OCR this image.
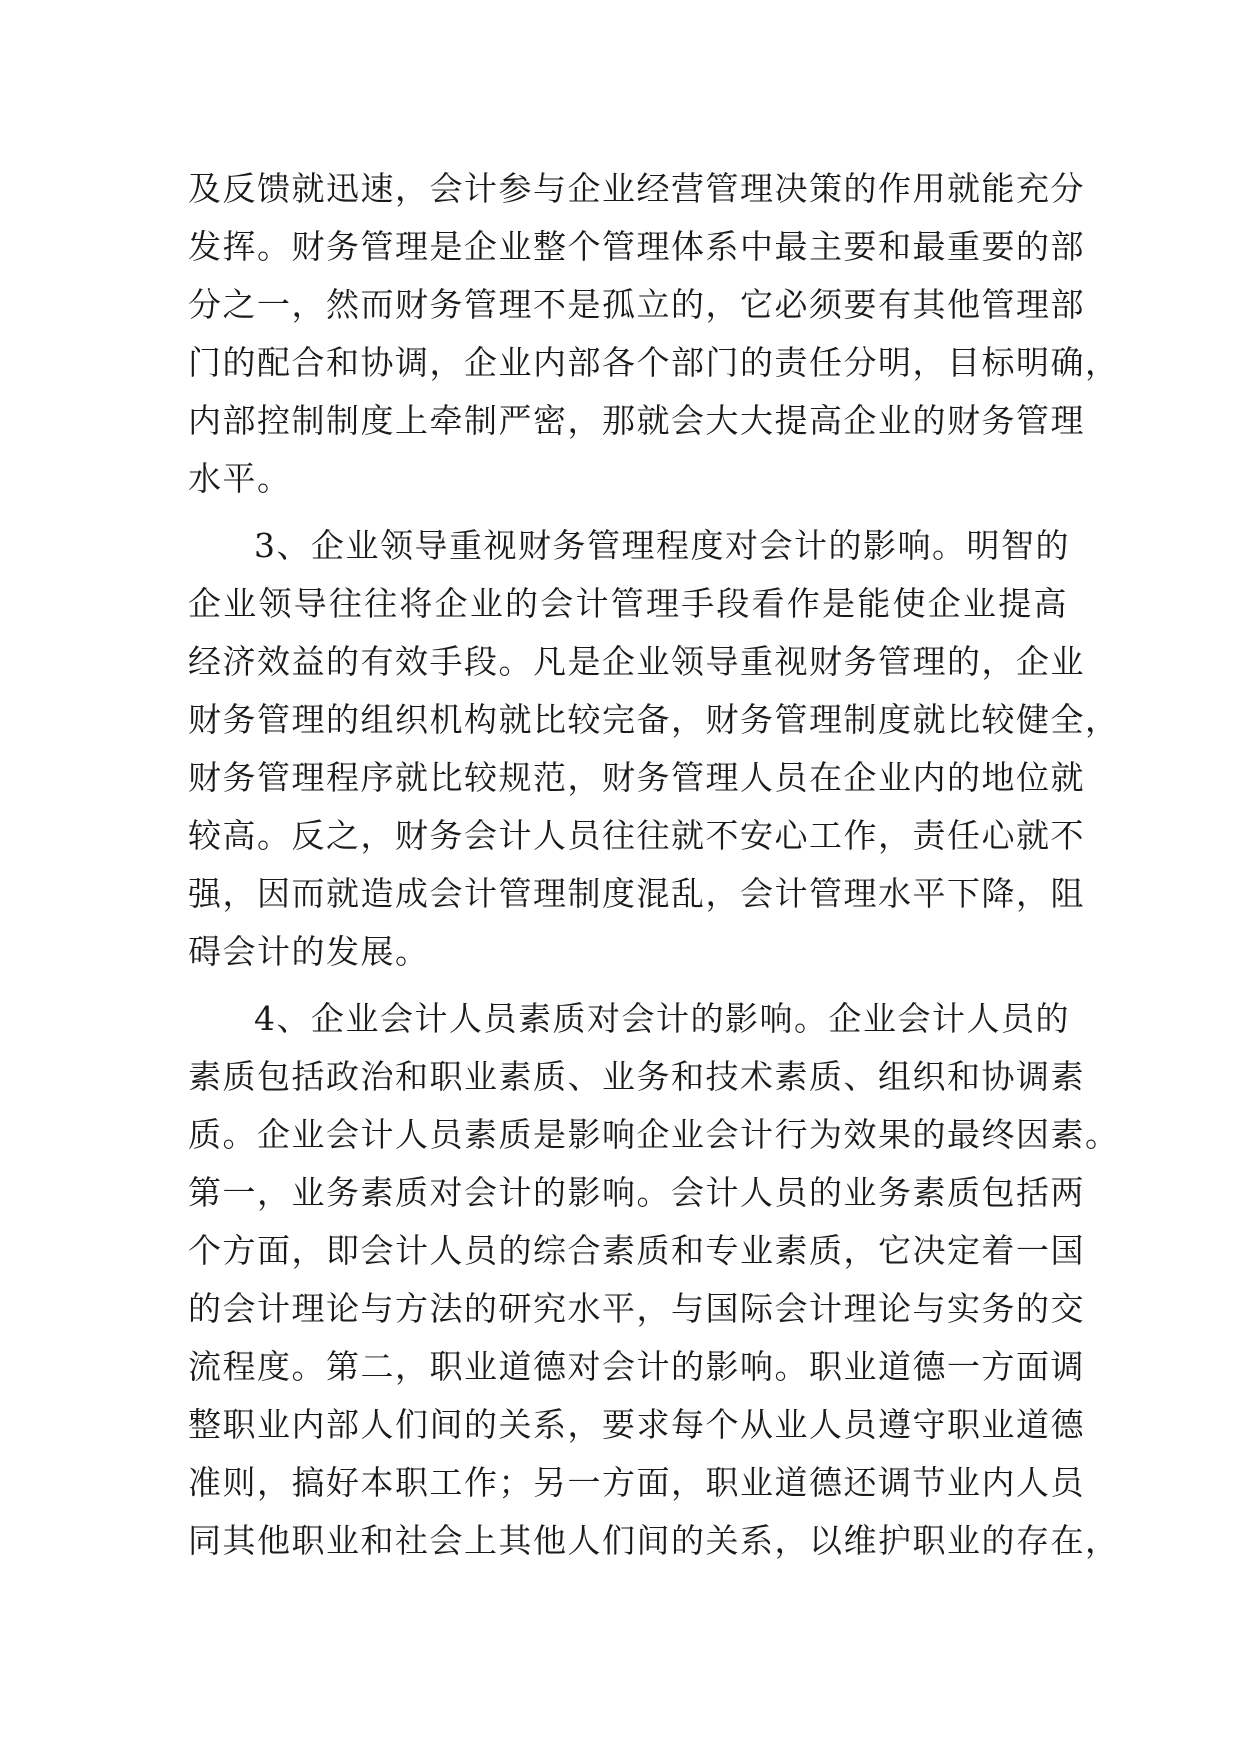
及反馈就迅速，会计参与企业经营管理决策的作用就能充分
发挥。财务管理是企业整个管理体系中最主要和最重要的部
分之一，然而财务管理不是孤立的，它必须要有其他管理部
门的配合和协调，企业内部各个部门的责任分明，目标明确，
内部控制制度上牵制严密，那就会大大提高企业的财务管理
水平。
3、企业领导重视财务管理程度对会计的影响。明智的
企业领导往往将企业的会计管理手段看作是能使企业提高
经济效益的有效手段。凡是企业领导重视财务管理的，企业
财务管理的组织机构就比较完备，财务管理制度就比较健全，
财务管理程序就比较规范，财务管理人员在企业内的地位就
较高。反之，财务会计人员往往就不安心工作，责任心就不
强，因而就造成会计管理制度混乱，会计管理水平下降，阻
碍会计的发展。
4、企业会计人员素质对会计的影响。企业会计人员的
素质包括政治和职业素质、业务和技术素质、组织和协调素
质。企业会计人员素质是影响企业会计行为效果的最终因素。
第一，业务素质对会计的影响。会计人员的业务素质包括两
个方面，即会计人员的综合素质和专业素质，它决定着一国
的会计理论与方法的研究水平，与国际会计理论与实务的交
流程度。第二，职业道德对会计的影响。职业道德一方面调
整职业内部人们间的关系，要求每个从业人员遵守职业道德
准则，搞好本职工作；另一方面，职业道德还调节业内人员
同其他职业和社会上其他人们间的关系，以维护职业的存在，
